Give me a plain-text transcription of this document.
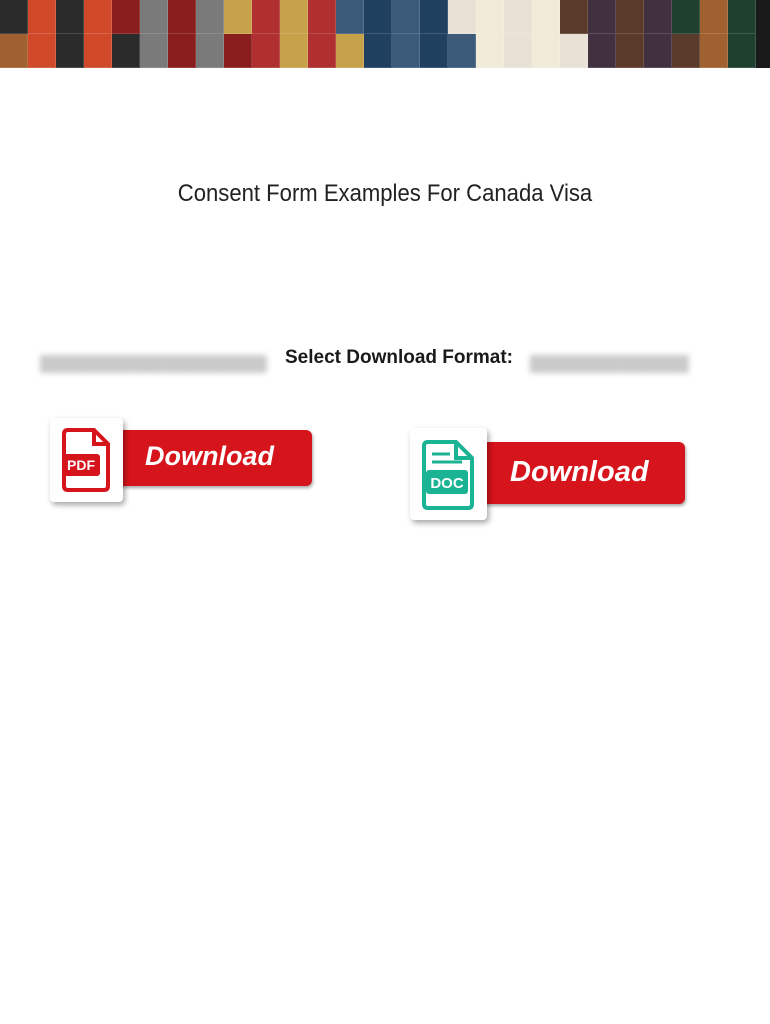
Consent Form Examples For Canada Visa
████████████████████	██████████████
Select Download Format:
PDF Download
DOC Download
